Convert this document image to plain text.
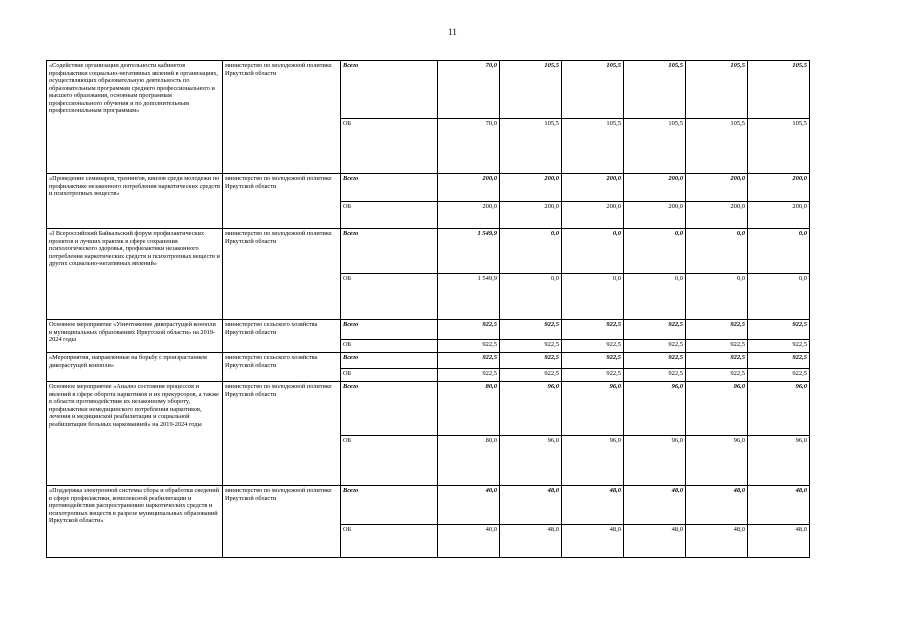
11
«Содействие организации деятельности кабинетов профилактики социально-негативных явлений в организациях, осуществляющих образовательную деятельность по образовательным программам среднего профессионального и высшего образования, основным программам профессионального обучения и по дополнительным профессиональным программам»	министерство по молодежной политике Иркутской области	Всего	70,0	105,5	105,5	105,5	105,5	105,5
		ОБ	70,0	105,5	105,5	105,5	105,5	105,5
«Проведение семинаров, тренингов, квизов среди молодежи по профилактике незаконного потребления наркотических средств и психотропных веществ»	министерство по молодежной политике Иркутской области	Всего	200,0	200,0	200,0	200,0	200,0	200,0
		ОБ	200,0	200,0	200,0	200,0	200,0	200,0
«I Всероссийский Байкальский форум профилактических проектов и лучших практик в сфере сохранения психологического здоровья, профилактики незаконного потребления наркотических средств и психотропных веществ и других социально-негативных явлений»	министерство по молодежной политике Иркутской области	Всего	1 549,9	0,0	0,0	0,0	0,0	0,0
		ОБ	1 549,9	0,0	0,0	0,0	0,0	0,0
Основное мероприятие «Уничтожение дикорастущей конопли в муниципальных образованиях Иркутской области» на 2019-2024 годы	министерство сельского хозяйства Иркутской области	Всего	922,5	922,5	922,5	922,5	922,5	922,5
		ОБ	922,5	922,5	922,5	922,5	922,5	922,5
«Мероприятия, направленные на борьбу с произрастанием дикорастущей конопли»	министерство сельского хозяйства Иркутской области	Всего	922,5	922,5	922,5	922,5	922,5	922,5
		ОБ	922,5	922,5	922,5	922,5	922,5	922,5
Основное мероприятие «Анализ состояния процессов и явлений в сфере оборота наркотиков и их прекурсоров, а также в области противодействия их незаконному обороту, профилактики немедицинского потребления наркотиков, лечения и медицинской реабилитации и социальной реабилитации больных наркоманией» на 2019-2024 годы	министерство по молодежной политике Иркутской области	Всего	80,0	96,0	96,0	96,0	96,0	96,0
		ОБ	80,0	96,0	96,0	96,0	96,0	96,0
«Поддержка электронной системы сбора и обработки сведений в сфере профилактики, комплексной реабилитации и противодействия распространению наркотических средств и психотропных веществ в разрезе муниципальных образований Иркутской области»	министерство по молодежной политике Иркутской области	Всего	40,0	48,0	48,0	48,0	48,0	48,0
		ОБ	40,0	48,0	48,0	48,0	48,0	48,0
